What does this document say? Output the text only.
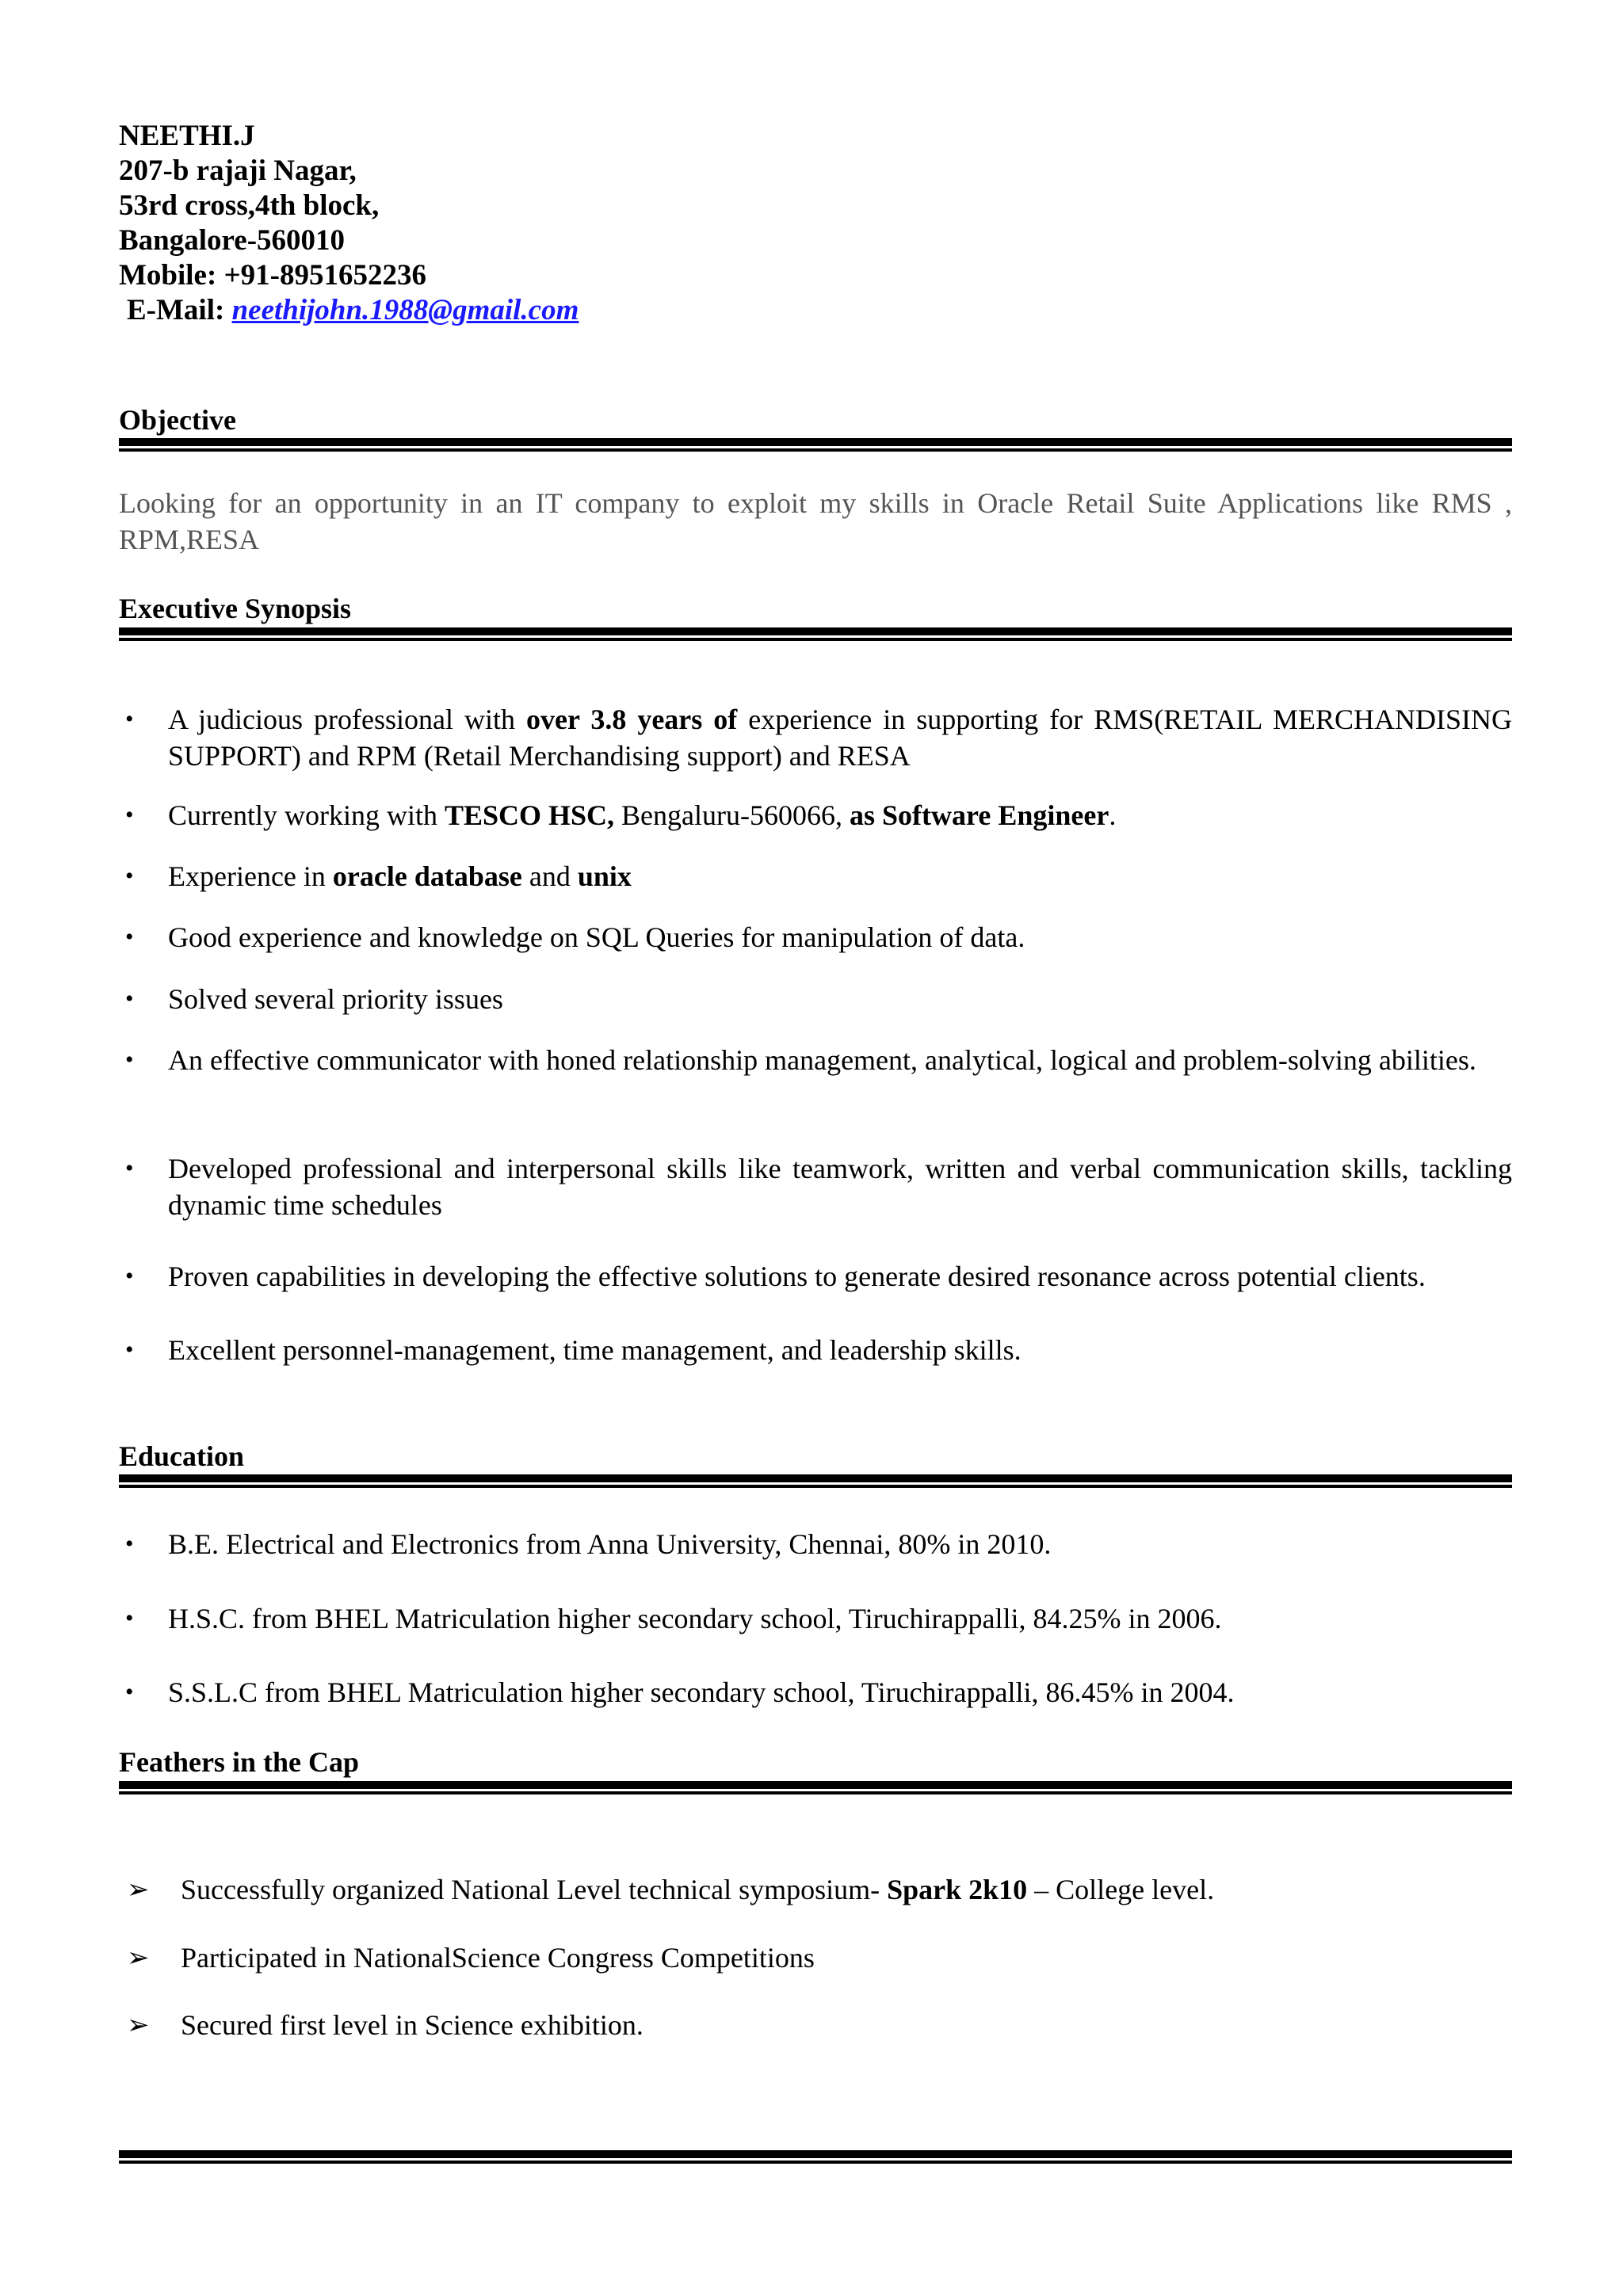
NEETHI.J
207-b rajaji Nagar,
53rd cross,4th block,
Bangalore-560010
Mobile: +91-8951652236
E-Mail: neethijohn.1988@gmail.com
Objective
Looking for an opportunity in an IT company to exploit my skills in Oracle Retail Suite Applications like RMS , RPM,RESA
Executive Synopsis
• A judicious professional with over 3.8 years of experience in supporting for RMS(RETAIL MERCHANDISING SUPPORT) and RPM (Retail Merchandising support) and RESA
• Currently working with TESCO HSC, Bengaluru-560066, as Software Engineer.
• Experience in oracle database and unix
• Good experience and knowledge on SQL Queries for manipulation of data.
• Solved several priority issues
• An effective communicator with honed relationship management, analytical, logical and problem-solving abilities.
• Developed professional and interpersonal skills like teamwork, written and verbal communication skills, tackling dynamic time schedules
• Proven capabilities in developing the effective solutions to generate desired resonance across potential clients.
• Excellent personnel-management, time management, and leadership skills.
Education
• B.E. Electrical and Electronics from Anna University, Chennai, 80% in 2010.
• H.S.C. from BHEL Matriculation higher secondary school, Tiruchirappalli, 84.25% in 2006.
• S.S.L.C from BHEL Matriculation higher secondary school, Tiruchirappalli, 86.45% in 2004.
Feathers in the Cap
➢ Successfully organized National Level technical symposium- Spark 2k10 – College level.
➢ Participated in NationalScience Congress Competitions
➢ Secured first level in Science exhibition.
